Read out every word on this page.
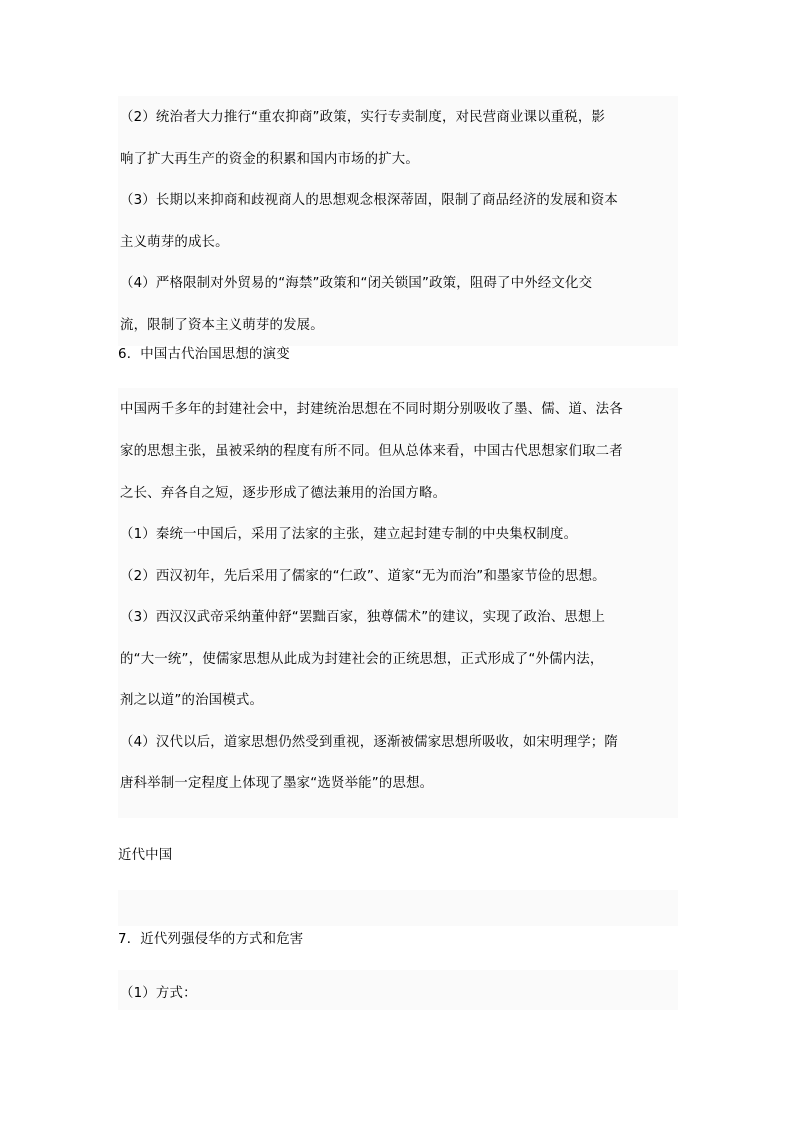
（2）统治者大力推行“重农抑商”政策，实行专卖制度，对民营商业课以重税，影
响了扩大再生产的资金的积累和国内市场的扩大。
（3）长期以来抑商和歧视商人的思想观念根深蒂固，限制了商品经济的发展和资本
主义萌芽的成长。
（4）严格限制对外贸易的“海禁”政策和“闭关锁国”政策，阻碍了中外经文化交
流，限制了资本主义萌芽的发展。
6．中国古代治国思想的演变
中国两千多年的封建社会中，封建统治思想在不同时期分别吸收了墨、儒、道、法各
家的思想主张，虽被采纳的程度有所不同。但从总体来看，中国古代思想家们取二者
之长、弃各自之短，逐步形成了德法兼用的治国方略。
（1）秦统一中国后，采用了法家的主张，建立起封建专制的中央集权制度。
（2）西汉初年，先后采用了儒家的“仁政”、道家“无为而治”和墨家节俭的思想。
（3）西汉汉武帝采纳董仲舒“罢黜百家，独尊儒术”的建议，实现了政治、思想上
的“大一统”，使儒家思想从此成为封建社会的正统思想，正式形成了“外儒内法，
剂之以道”的治国模式。
（4）汉代以后，道家思想仍然受到重视，逐渐被儒家思想所吸收，如宋明理学；隋
唐科举制一定程度上体现了墨家“选贤举能”的思想。
近代中国
7．近代列强侵华的方式和危害
（1）方式：
